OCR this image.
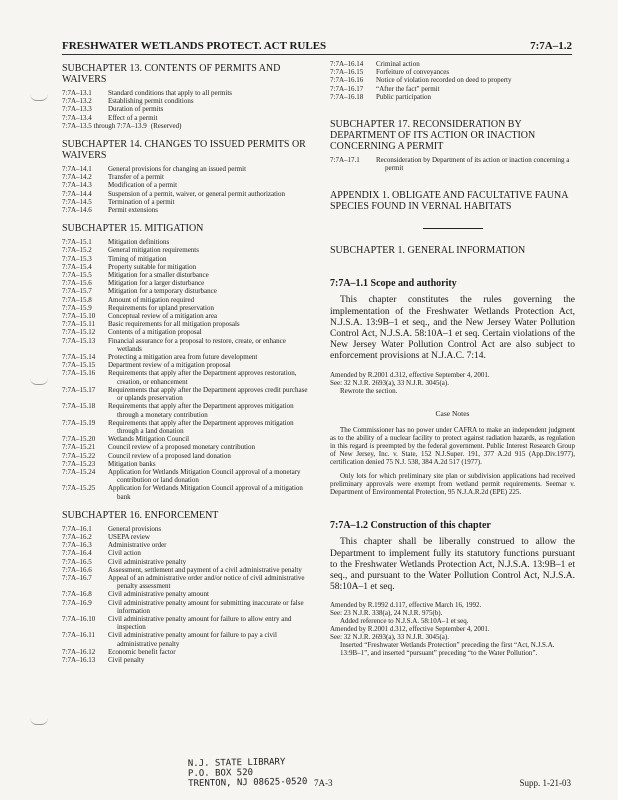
FRESHWATER WETLANDS PROTECT. ACT RULES	7:7A–1.2
SUBCHAPTER 13. CONTENTS OF PERMITS AND WAIVERS
7:7A–13.1	Standard conditions that apply to all permits
7:7A–13.2	Establishing permit conditions
7:7A–13.3	Duration of permits
7:7A–13.4	Effect of a permit
7:7A–13.5 through 7:7A–13.9 (Reserved)
SUBCHAPTER 14. CHANGES TO ISSUED PERMITS OR WAIVERS
7:7A–14.1	General provisions for changing an issued permit
7:7A–14.2	Transfer of a permit
7:7A–14.3	Modification of a permit
7:7A–14.4	Suspension of a permit, waiver, or general permit authorization
7:7A–14.5	Termination of a permit
7:7A–14.6	Permit extensions
SUBCHAPTER 15. MITIGATION
7:7A–15.1	Mitigation definitions
7:7A–15.2	General mitigation requirements
7:7A–15.3	Timing of mitigation
7:7A–15.4	Property suitable for mitigation
7:7A–15.5	Mitigation for a smaller disturbance
7:7A–15.6	Mitigation for a larger disturbance
7:7A–15.7	Mitigation for a temporary disturbance
7:7A–15.8	Amount of mitigation required
7:7A–15.9	Requirements for upland preservation
7:7A–15.10	Conceptual review of a mitigation area
7:7A–15.11	Basic requirements for all mitigation proposals
7:7A–15.12	Contents of a mitigation proposal
7:7A–15.13	Financial assurance for a proposal to restore, create, or enhance wetlands
7:7A–15.14	Protecting a mitigation area from future development
7:7A–15.15	Department review of a mitigation proposal
7:7A–15.16	Requirements that apply after the Department approves restoration, creation, or enhancement
7:7A–15.17	Requirements that apply after the Department approves credit purchase or uplands preservation
7:7A–15.18	Requirements that apply after the Department approves mitigation through a monetary contribution
7:7A–15.19	Requirements that apply after the Department approves mitigation through a land donation
7:7A–15.20	Wetlands Mitigation Council
7:7A–15.21	Council review of a proposed monetary contribution
7:7A–15.22	Council review of a proposed land donation
7:7A–15.23	Mitigation banks
7:7A–15.24	Application for Wetlands Mitigation Council approval of a monetary contribution or land donation
7:7A–15.25	Application for Wetlands Mitigation Council approval of a mitigation bank
SUBCHAPTER 16. ENFORCEMENT
7:7A–16.1	General provisions
7:7A–16.2	USEPA review
7:7A–16.3	Administrative order
7:7A–16.4	Civil action
7:7A–16.5	Civil administrative penalty
7:7A–16.6	Assessment, settlement and payment of a civil administrative penalty
7:7A–16.7	Appeal of an administrative order and/or notice of civil administrative penalty assessment
7:7A–16.8	Civil administrative penalty amount
7:7A–16.9	Civil administrative penalty amount for submitting inaccurate or false information
7:7A–16.10	Civil administrative penalty amount for failure to allow entry and inspection
7:7A–16.11	Civil administrative penalty amount for failure to pay a civil administrative penalty
7:7A–16.12	Economic benefit factor
7:7A–16.13	Civil penalty
7:7A–16.14	Criminal action
7:7A–16.15	Forfeiture of conveyances
7:7A–16.16	Notice of violation recorded on deed to property
7:7A–16.17	“After the fact” permit
7:7A–16.18	Public participation
SUBCHAPTER 17. RECONSIDERATION BY DEPARTMENT OF ITS ACTION OR INACTION CONCERNING A PERMIT
7:7A–17.1	Reconsideration by Department of its action or inaction concerning a permit
APPENDIX 1. OBLIGATE AND FACULTATIVE FAUNA SPECIES FOUND IN VERNAL HABITATS
SUBCHAPTER 1. GENERAL INFORMATION
7:7A–1.1 Scope and authority
This chapter constitutes the rules governing the implementation of the Freshwater Wetlands Protection Act, N.J.S.A. 13:9B–1 et seq., and the New Jersey Water Pollution Control Act, N.J.S.A. 58:10A–1 et seq. Certain violations of the New Jersey Water Pollution Control Act are also subject to enforcement provisions at N.J.A.C. 7:14.
Amended by R.2001 d.312, effective September 4, 2001.
See: 32 N.J.R. 2693(a), 33 N.J.R. 3045(a).
Rewrote the section.
Case Notes
The Commissioner has no power under CAFRA to make an independent judgment as to the ability of a nuclear facility to protect against radiation hazards, as regulation in this regard is preempted by the federal government. Public Interest Research Group of New Jersey, Inc. v. State, 152 N.J.Super. 191, 377 A.2d 915 (App.Div.1977), certification denied 75 N.J. 538, 384 A.2d 517 (1977).
Only lots for which preliminary site plan or subdivision applications had received preliminary approvals were exempt from wetland permit requirements. Seemar v. Department of Environmental Protection, 95 N.J.A.R.2d (EPE) 225.
7:7A–1.2 Construction of this chapter
This chapter shall be liberally construed to allow the Department to implement fully its statutory functions pursuant to the Freshwater Wetlands Protection Act, N.J.S.A. 13:9B–1 et seq., and pursuant to the Water Pollution Control Act, N.J.S.A. 58:10A–1 et seq.
Amended by R.1992 d.117, effective March 16, 1992.
See: 23 N.J.R. 338(a), 24 N.J.R. 975(b).
Added reference to N.J.S.A. 58:10A–1 et seq.
Amended by R.2001 d.312, effective September 4, 2001.
See: 32 N.J.R. 2693(a), 33 N.J.R. 3045(a).
Inserted “Freshwater Wetlands Protection” preceding the first “Act, N.J.S.A. 13:9B–1”, and inserted “pursuant” preceding “to the Water Pollution”.
N.J. STATE LIBRARY
P.O. BOX 520
TRENTON, NJ 08625-0520 7A-3	Supp. 1-21-03
